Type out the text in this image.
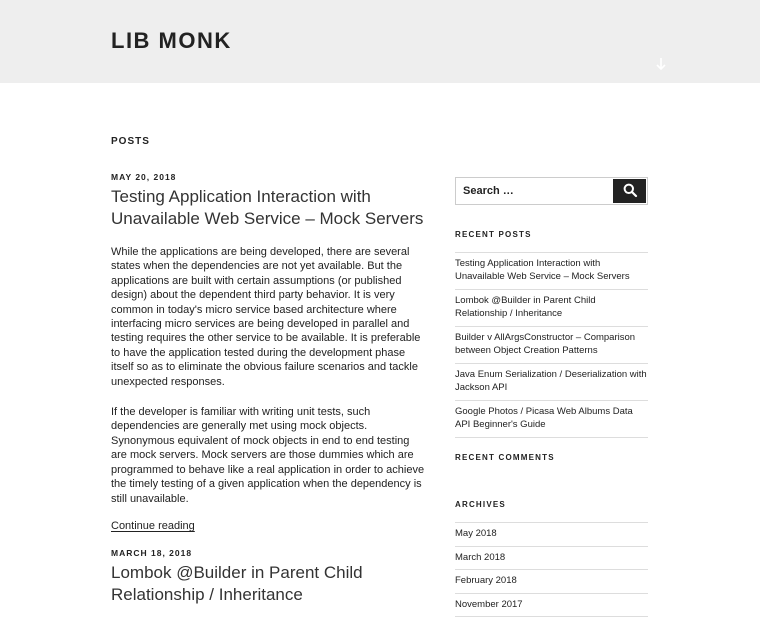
LIB MONK
POSTS
MAY 20, 2018
Testing Application Interaction with Unavailable Web Service – Mock Servers

While the applications are being developed, there are several states when the dependencies are not yet available. But the applications are built with certain assumptions (or published design) about the dependent third party behavior. It is very common in today's micro service based architecture where interfacing micro services are being developed in parallel and testing requires the other service to be available. It is preferable to have the application tested during the development phase itself so as to eliminate the obvious failure scenarios and tackle unexpected responses.

If the developer is familiar with writing unit tests, such dependencies are generally met using mock objects. Synonymous equivalent of mock objects in end to end testing are mock servers. Mock servers are those dummies which are programmed to behave like a real application in order to achieve the timely testing of a given application when the dependency is still unavailable.

Continue reading
MARCH 18, 2018
Lombok @Builder in Parent Child Relationship / Inheritance
Search …
RECENT POSTS
Testing Application Interaction with Unavailable Web Service – Mock Servers
Lombok @Builder in Parent Child Relationship / Inheritance
Builder v AllArgsConstructor – Comparison between Object Creation Patterns
Java Enum Serialization / Deserialization with Jackson API
Google Photos / Picasa Web Albums Data API Beginner's Guide
RECENT COMMENTS
ARCHIVES
May 2018
March 2018
February 2018
November 2017
